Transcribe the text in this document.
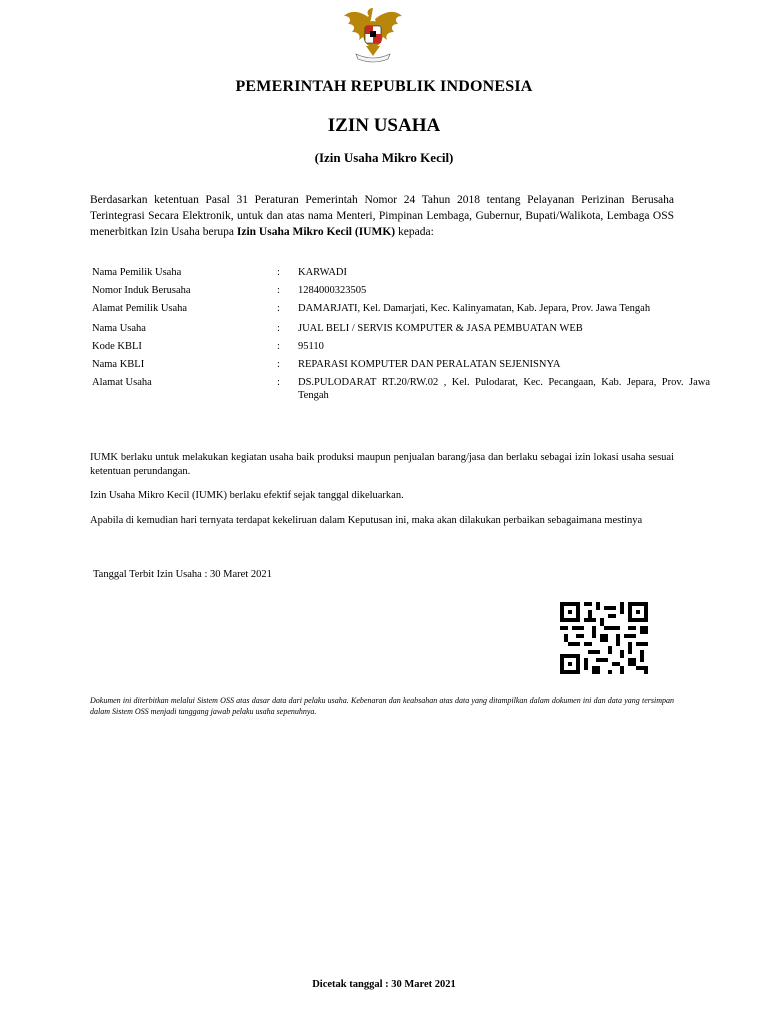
PEMERINTAH REPUBLIK INDONESIA
IZIN USAHA
(Izin Usaha Mikro Kecil)
Berdasarkan ketentuan Pasal 31 Peraturan Pemerintah Nomor 24 Tahun 2018 tentang Pelayanan Perizinan Berusaha Terintegrasi Secara Elektronik, untuk dan atas nama Menteri, Pimpinan Lembaga, Gubernur, Bupati/Walikota, Lembaga OSS menerbitkan Izin Usaha berupa Izin Usaha Mikro Kecil (IUMK) kepada:
Nama Pemilik Usaha	:	KARWADI
Nomor Induk Berusaha	:	1284000323505
Alamat Pemilik Usaha	:	DAMARJATI, Kel. Damarjati, Kec. Kalinyamatan, Kab. Jepara, Prov. Jawa Tengah
Nama Usaha	:	JUAL BELI / SERVIS KOMPUTER & JASA PEMBUATAN WEB
Kode KBLI	:	95110
Nama KBLI	:	REPARASI KOMPUTER DAN PERALATAN SEJENISNYA
Alamat Usaha	:	DS.PULODARAT RT.20/RW.02 , Kel. Pulodarat, Kec. Pecangaan, Kab. Jepara, Prov. Jawa Tengah
IUMK berlaku untuk melakukan kegiatan usaha baik produksi maupun penjualan barang/jasa dan berlaku sebagai izin lokasi usaha sesuai ketentuan perundangan.
Izin Usaha Mikro Kecil (IUMK) berlaku efektif sejak tanggal dikeluarkan.
Apabila di kemudian hari ternyata terdapat kekeliruan dalam Keputusan ini, maka akan dilakukan perbaikan sebagaimana mestinya
Tanggal Terbit Izin Usaha : 30 Maret 2021
Dokumen ini diterbitkan melalui Sistem OSS atas dasar data dari pelaku usaha. Kebenaran dan keabsahan atas data yang ditampilkan dalam dokumen ini dan data yang tersimpan dalam Sistem OSS menjadi tanggang jawab pelaku usaha sepenuhnya.
Dicetak tanggal : 30 Maret 2021
